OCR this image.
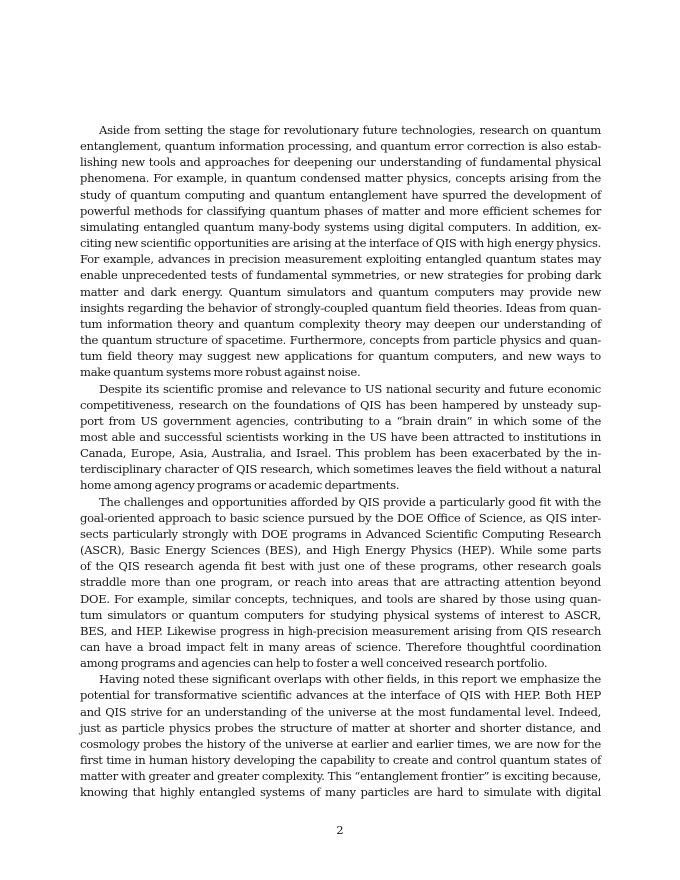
Aside from setting the stage for revolutionary future technologies, research on quantum
entanglement, quantum information processing, and quantum error correction is also estab-
lishing new tools and approaches for deepening our understanding of fundamental physical
phenomena. For example, in quantum condensed matter physics, concepts arising from the
study of quantum computing and quantum entanglement have spurred the development of
powerful methods for classifying quantum phases of matter and more efficient schemes for
simulating entangled quantum many-body systems using digital computers. In addition, ex-
citing new scientific opportunities are arising at the interface of QIS with high energy physics.
For example, advances in precision measurement exploiting entangled quantum states may
enable unprecedented tests of fundamental symmetries, or new strategies for probing dark
matter and dark energy. Quantum simulators and quantum computers may provide new
insights regarding the behavior of strongly-coupled quantum field theories. Ideas from quan-
tum information theory and quantum complexity theory may deepen our understanding of
the quantum structure of spacetime. Furthermore, concepts from particle physics and quan-
tum field theory may suggest new applications for quantum computers, and new ways to
make quantum systems more robust against noise.
Despite its scientific promise and relevance to US national security and future economic
competitiveness, research on the foundations of QIS has been hampered by unsteady sup-
port from US government agencies, contributing to a “brain drain” in which some of the
most able and successful scientists working in the US have been attracted to institutions in
Canada, Europe, Asia, Australia, and Israel. This problem has been exacerbated by the in-
terdisciplinary character of QIS research, which sometimes leaves the field without a natural
home among agency programs or academic departments.
The challenges and opportunities afforded by QIS provide a particularly good fit with the
goal-oriented approach to basic science pursued by the DOE Office of Science, as QIS inter-
sects particularly strongly with DOE programs in Advanced Scientific Computing Research
(ASCR), Basic Energy Sciences (BES), and High Energy Physics (HEP). While some parts
of the QIS research agenda fit best with just one of these programs, other research goals
straddle more than one program, or reach into areas that are attracting attention beyond
DOE. For example, similar concepts, techniques, and tools are shared by those using quan-
tum simulators or quantum computers for studying physical systems of interest to ASCR,
BES, and HEP. Likewise progress in high-precision measurement arising from QIS research
can have a broad impact felt in many areas of science. Therefore thoughtful coordination
among programs and agencies can help to foster a well conceived research portfolio.
Having noted these significant overlaps with other fields, in this report we emphasize the
potential for transformative scientific advances at the interface of QIS with HEP. Both HEP
and QIS strive for an understanding of the universe at the most fundamental level. Indeed,
just as particle physics probes the structure of matter at shorter and shorter distance, and
cosmology probes the history of the universe at earlier and earlier times, we are now for the
first time in human history developing the capability to create and control quantum states of
matter with greater and greater complexity. This “entanglement frontier” is exciting because,
knowing that highly entangled systems of many particles are hard to simulate with digital
2
